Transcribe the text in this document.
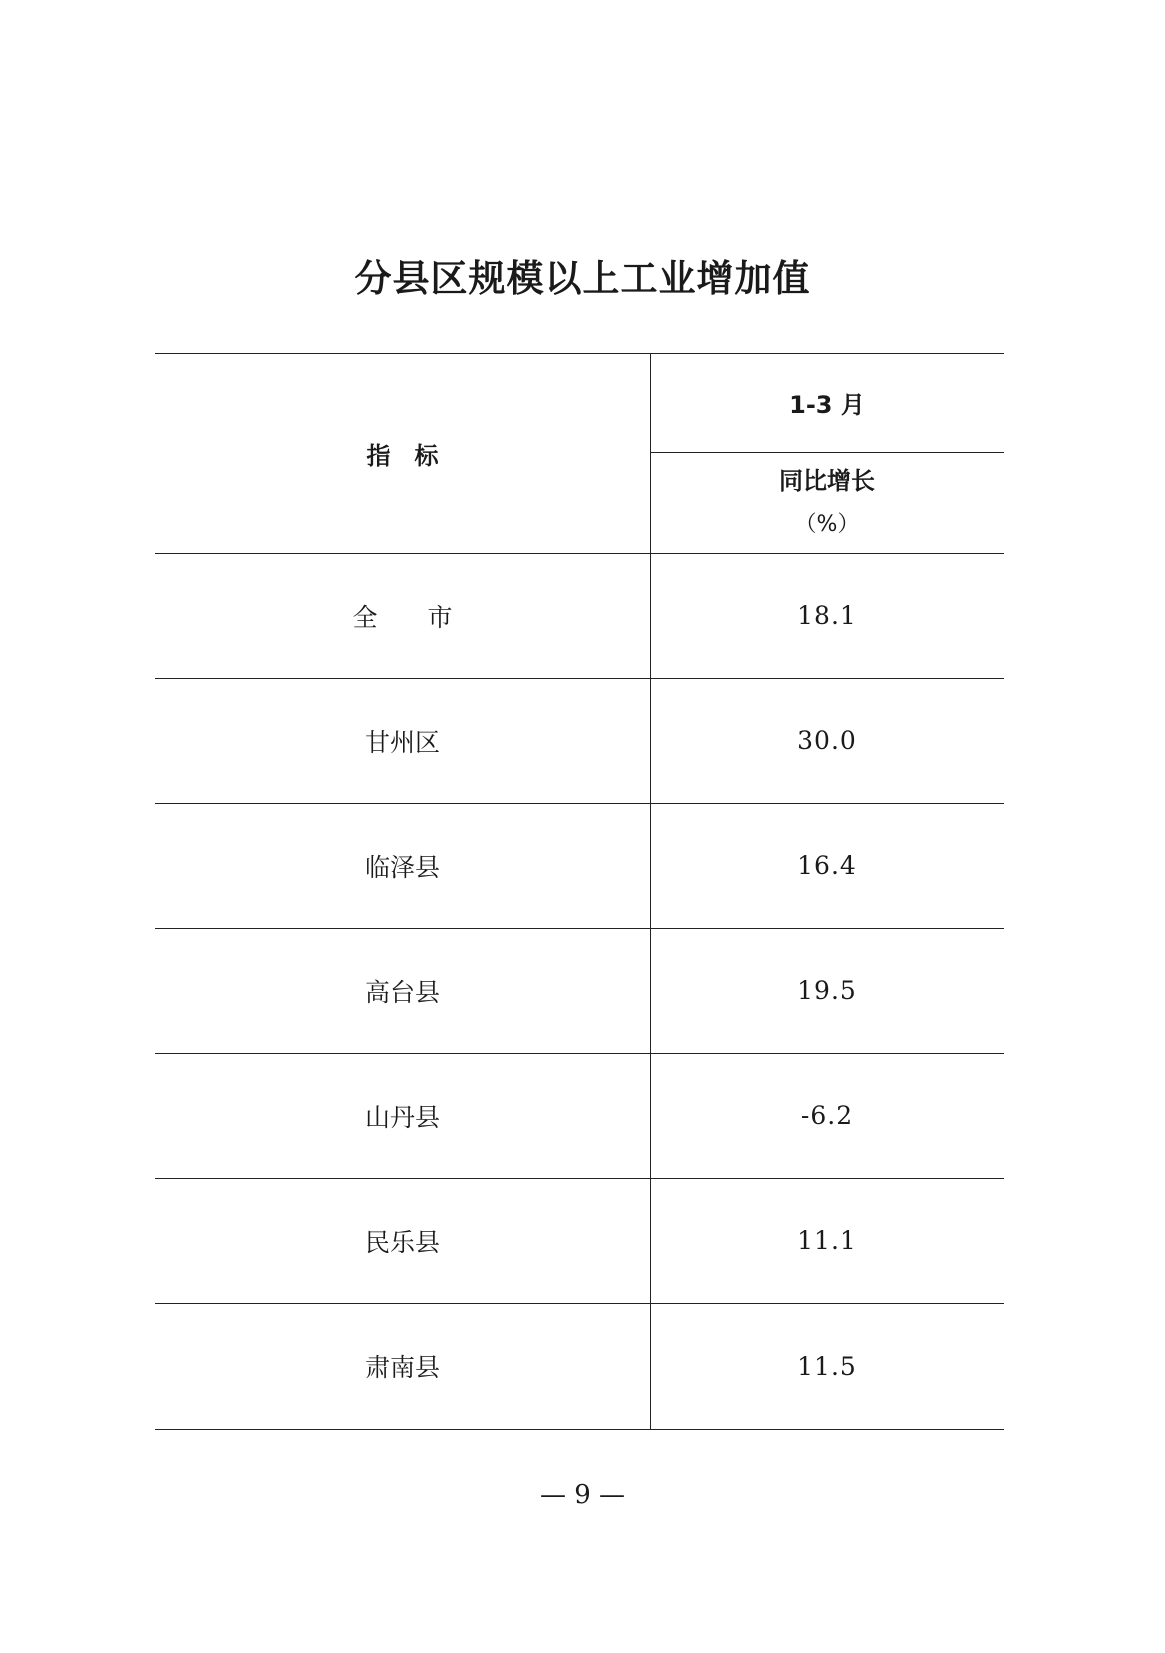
分县区规模以上工业增加值
指　标
1-3 月
同比增长
（%）
全　　市	18.1
甘州区	30.0
临泽县	16.4
高台县	19.5
山丹县	-6.2
民乐县	11.1
肃南县	11.5
— 9 —
